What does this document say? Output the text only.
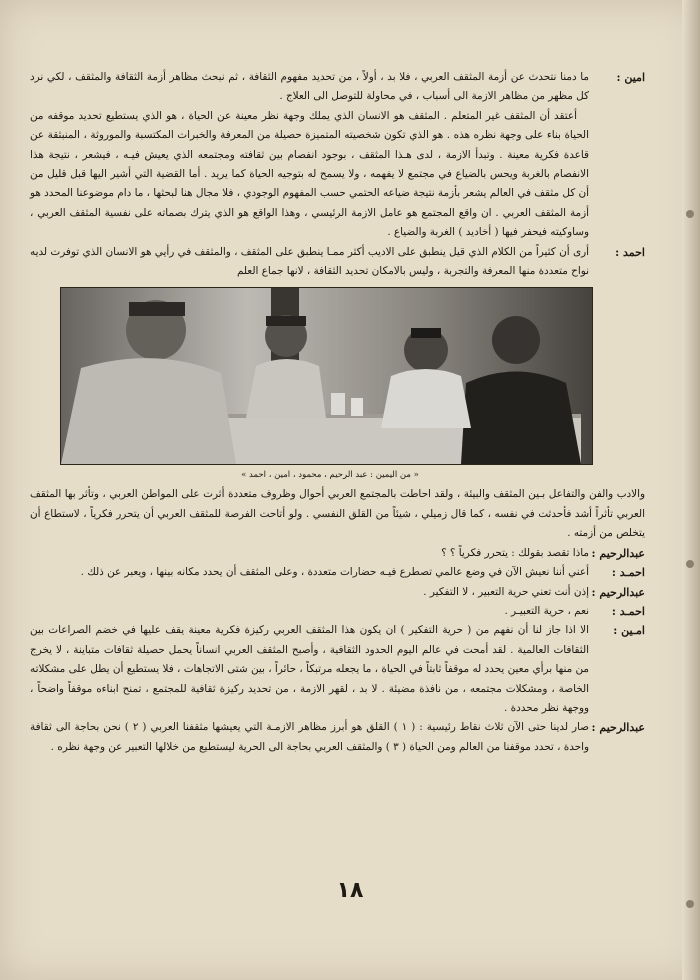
امين :

ما دمنا نتحدث عن أزمة المثقف العربي ، فلا بد ، أولاً ، من تحديد مفهوم الثقافة ، ثم نبحث مظاهر أزمة الثقافة والمثقف ، لكي نرد كل مظهر من مظاهر الازمة الى أسباب ، في محاولة للتوصل الى العلاج .

أعتقد أن المثقف غير المتعلم . المثقف هو الانسان الذي يملك وجهة نظر معينة عن الحياة ، هو الذي يستطيع تحديد موقفه من الحياة بناء على وجهة نظره هذه . هو الذي تكون شخصيته المتميزة حصيلة من المعرفة والخبرات المكتسبة والموروثة ، المنبثقة عن قاعدة فكرية معينة . وتبدأ الازمة ، لدى هـذا المثقف ، بوجود انفصام بين ثقافته ومجتمعه الذي يعيش فيـه ، فيشعر ، نتيجة هذا الانفصام بالغربة ويحس بالضياع في مجتمع لا يفهمه ، ولا يسمح له بتوجيه الحياة كما يريد . أما القضية التي أشير اليها قبل قليل من أن كل مثقف في العالم يشعر بأزمة نتيجة ضياعه الحتمي حسب المفهوم الوجودي ، فلا مجال هنا لبحثها ، ما دام موضوعنا المحدد هو أزمة المثقف العربي . ان واقع المجتمع هو عامل الازمة الرئيسي ، وهذا الواقع هو الذي يترك بصماته على نفسية المثقف العربي ، وساوكيته فيحفر فيها ( أخاديد ) الغربة والضياع .

احمد :

أرى أن كثيراً من الكلام الذي قيل ينطبق على الاديب أكثر ممـا ينطبق على المثقف ، والمثقف في رأيي هو الانسان الذي توفرت لديه نواح متعددة منها المعرفة والتجربة ، وليس بالامكان تحديد الثقافة ، لانها جماع العلم

« من اليمين : عبد الرحيم ، محمود ، امين ، احمد »
والادب والفن والتفاعل بـين المثقف والبيئة ، ولقد احاطت بالمجتمع العربي أحوال وظروف متعددة أثرت على المواطن العربي ، وتأثر بها المثقف العربي تأثراً أشد فأحدثت في نفسه ، كما قال زميلي ، شيئاً من القلق النفسي . ولو أتاحت الفرصة للمثقف العربي أن يتحرر فكرياً ، لاستطاع أن يتخلص من أزمته .
عبدالرحيم :
ماذا تقصد بقولك : يتحرر فكرياً ؟ ؟
احمـد :
أعني أننا نعيش الآن في وضع عالمي تصطرع فيـه حضارات متعددة ، وعلى المثقف أن يحدد مكانه بينها ، ويعبر عن ذلك .
عبدالرحيم :
إذن أنت تعني حرية التعبير ، لا التفكير .
احمـد :
نعم ، حرية التعبيـر .
امـين :
الا اذا جاز لنا أن نفهم من ( حرية التفكير ) ان يكون هذا المثقف العربي ركيزة فكرية معينة يقف عليها في خضم الصراعات بين الثقافات العالمية . لقد أمحت في عالم اليوم الحدود الثقافية ، وأصبح المثقف العربي انساناً يحمل حصيلة ثقافات متباينة ، لا يخرج من منها برأي معين يحدد له موقفاً ثابتاً في الحياة ، ما يجعله مرتبكاً ، حائراً ، بين شتى الاتجاهات ، فلا يستطيع أن يطل على مشكلاته الخاصة ، ومشكلات مجتمعه ، من نافذة مضيئة . لا بد ، لقهر الازمة ، من تحديد ركيزة ثقافية للمجتمع ، تمنح ابناءه موقفاً واضحاً ، ووجهة نظر محددة .
عبدالرحيم :
صار لدينا حتى الآن ثلاث نقاط رئيسية : ( ١ ) القلق هو أبرز مظاهر الازمـة التي يعيشها مثقفنا العربي ( ٢ ) نحن بحاجة الى ثقافة واحدة ، تحدد موقفنا من العالم ومن الحياة ( ٣ ) والمثقف العربي بحاجة الى الحرية ليستطيع من خلالها التعبير عن وجهة نظره .
١٨
